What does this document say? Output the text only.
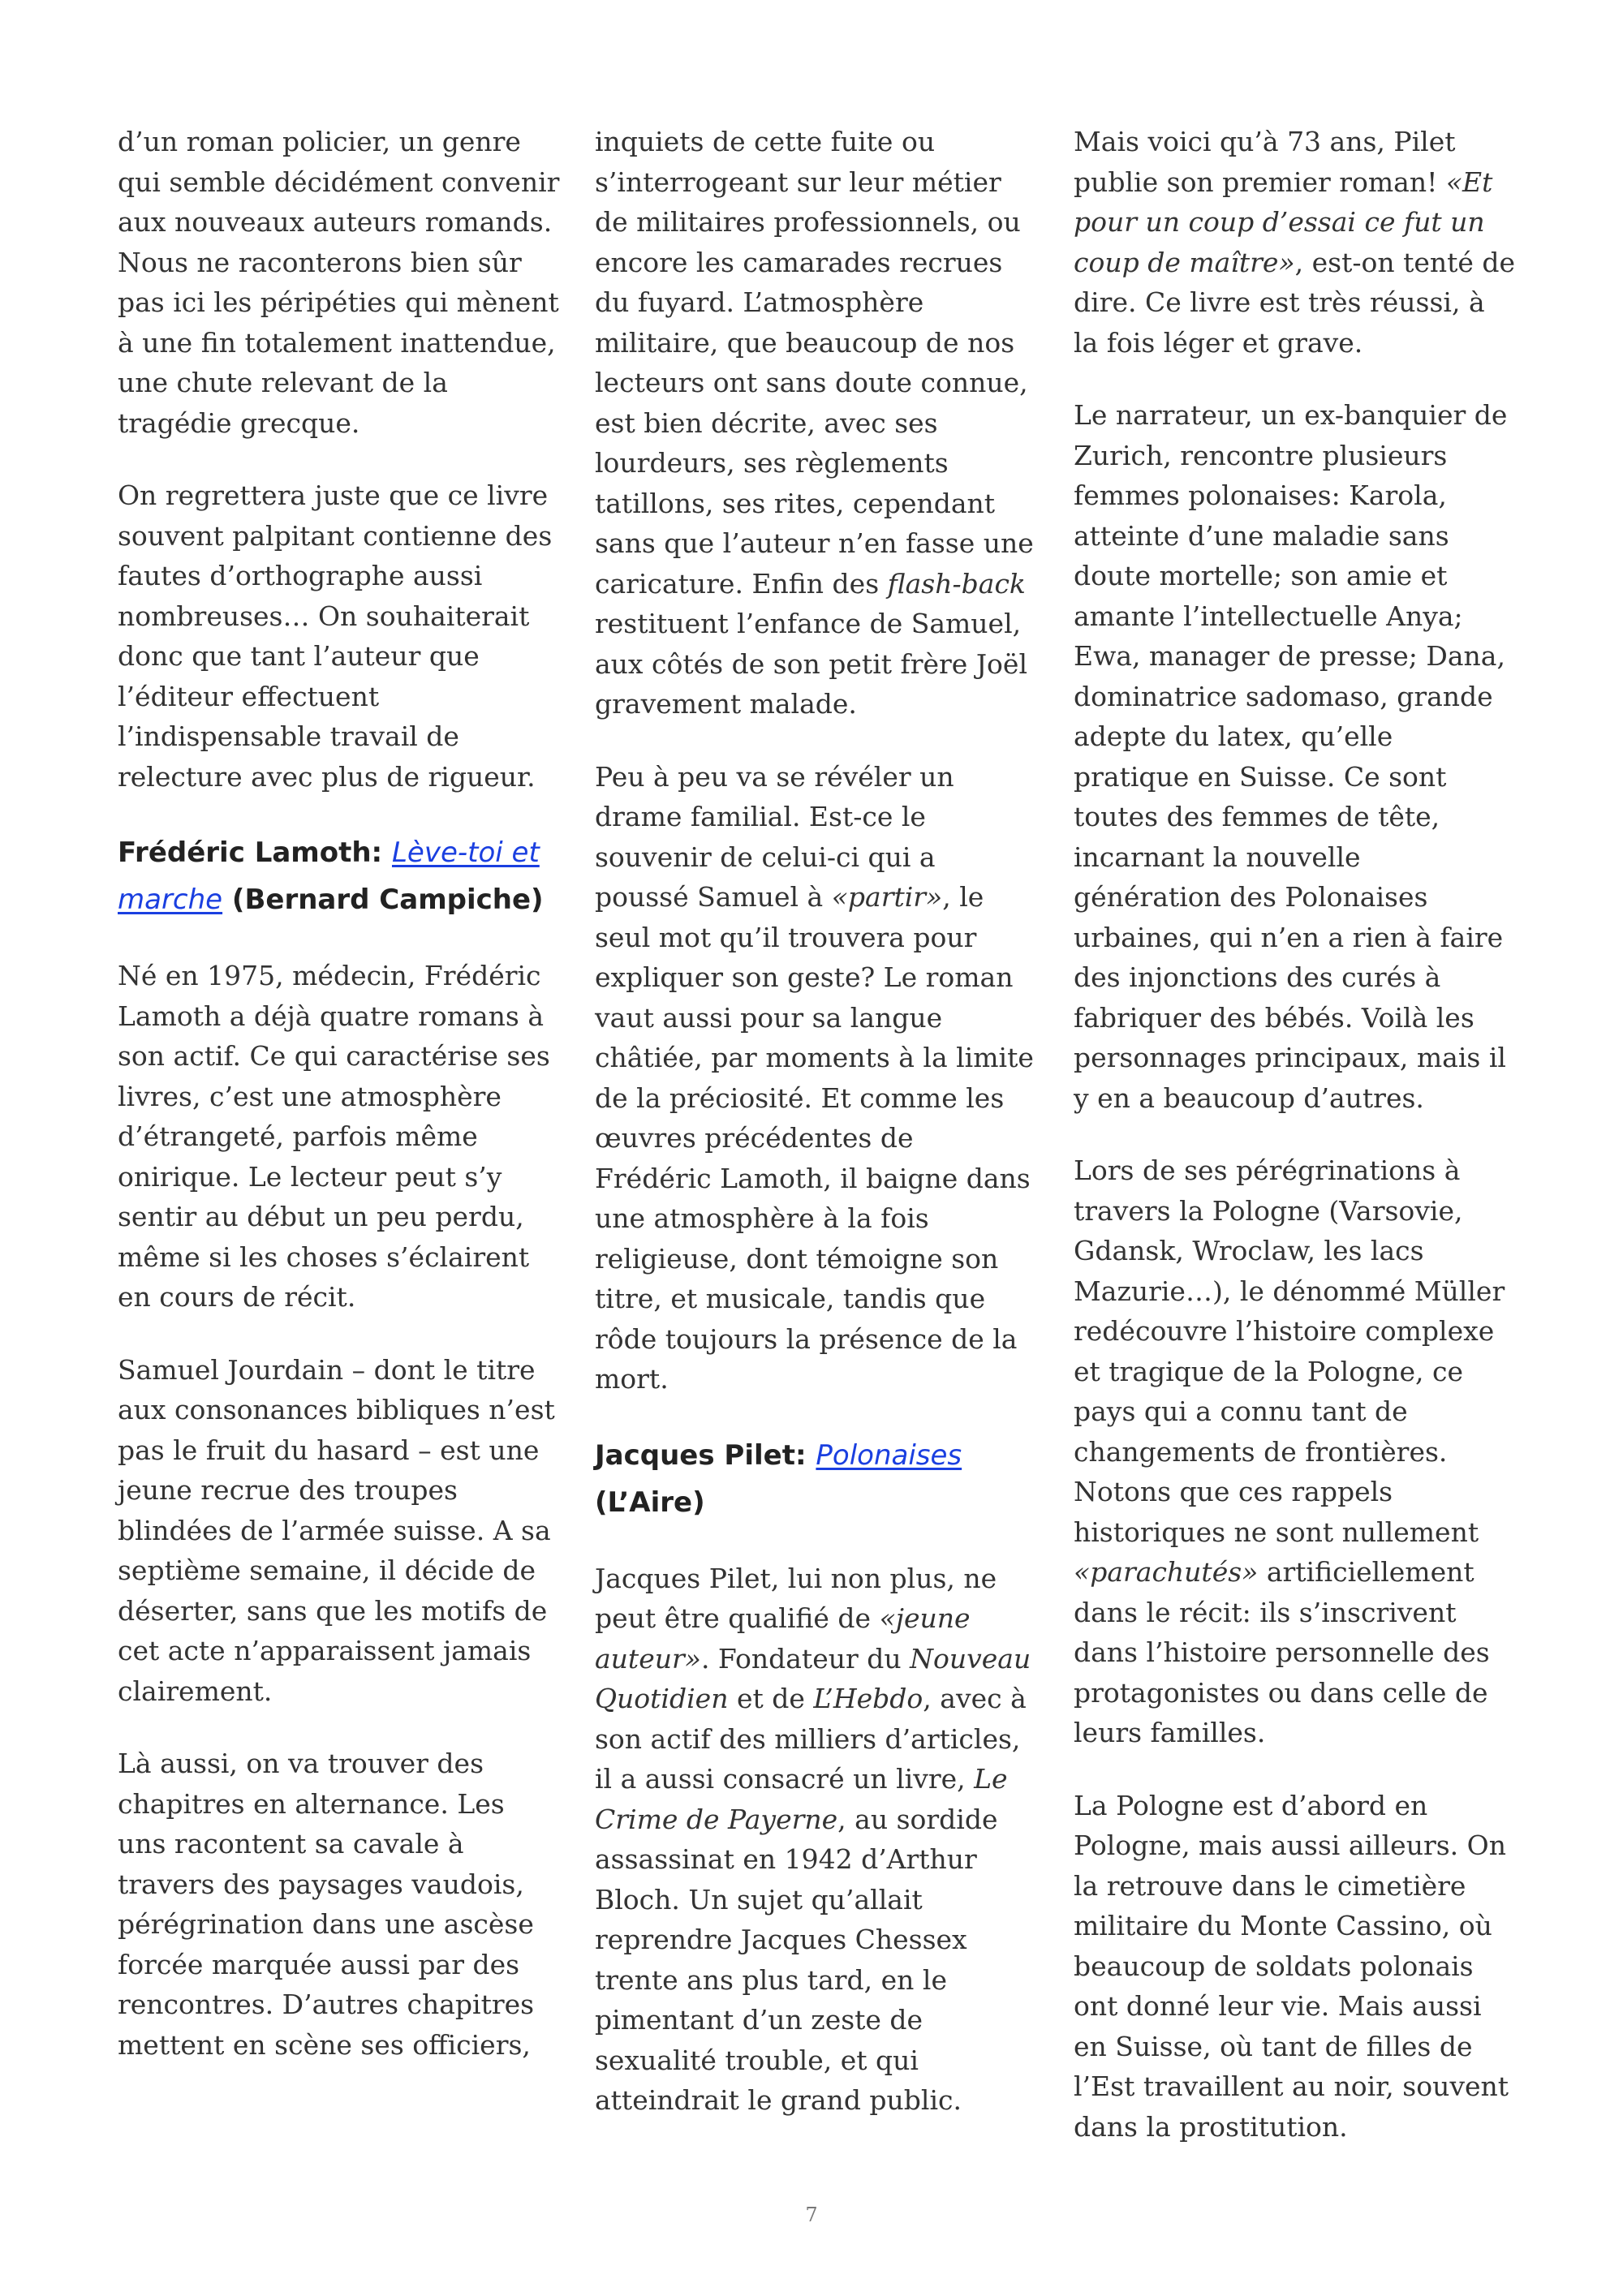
d’un roman policier, un genre qui semble décidément convenir aux nouveaux auteurs romands. Nous ne raconterons bien sûr pas ici les péripéties qui mènent à une fin totalement inattendue, une chute relevant de la tragédie grecque.

On regrettera juste que ce livre souvent palpitant contienne des fautes d’orthographe aussi nombreuses… On souhaiterait donc que tant l’auteur que l’éditeur effectuent l’indispensable travail de relecture avec plus de rigueur.

Frédéric Lamoth: Lève-toi et marche (Bernard Campiche)

Né en 1975, médecin, Frédéric Lamoth a déjà quatre romans à son actif. Ce qui caractérise ses livres, c’est une atmosphère d’étrangeté, parfois même onirique. Le lecteur peut s’y sentir au début un peu perdu, même si les choses s’éclairent en cours de récit.

Samuel Jourdain – dont le titre aux consonances bibliques n’est pas le fruit du hasard – est une jeune recrue des troupes blindées de l’armée suisse. A sa septième semaine, il décide de déserter, sans que les motifs de cet acte n’apparaissent jamais clairement.

Là aussi, on va trouver des chapitres en alternance. Les uns racontent sa cavale à travers des paysages vaudois, pérégrination dans une ascèse forcée marquée aussi par des rencontres. D’autres chapitres mettent en scène ses officiers,

inquiets de cette fuite ou s’interrogeant sur leur métier de militaires professionnels, ou encore les camarades recrues du fuyard. L’atmosphère militaire, que beaucoup de nos lecteurs ont sans doute connue, est bien décrite, avec ses lourdeurs, ses règlements tatillons, ses rites, cependant sans que l’auteur n’en fasse une caricature. Enfin des flash-back restituent l’enfance de Samuel, aux côtés de son petit frère Joël gravement malade.

Peu à peu va se révéler un drame familial. Est-ce le souvenir de celui-ci qui a poussé Samuel à «partir», le seul mot qu’il trouvera pour expliquer son geste? Le roman vaut aussi pour sa langue châtiée, par moments à la limite de la préciosité. Et comme les œuvres précédentes de Frédéric Lamoth, il baigne dans une atmosphère à la fois religieuse, dont témoigne son titre, et musicale, tandis que rôde toujours la présence de la mort.

Jacques Pilet: Polonaises (L’Aire)

Jacques Pilet, lui non plus, ne peut être qualifié de «jeune auteur». Fondateur du Nouveau Quotidien et de L’Hebdo, avec à son actif des milliers d’articles, il a aussi consacré un livre, Le Crime de Payerne, au sordide assassinat en 1942 d’Arthur Bloch. Un sujet qu’allait reprendre Jacques Chessex trente ans plus tard, en le pimentant d’un zeste de sexualité trouble, et qui atteindrait le grand public.

Mais voici qu’à 73 ans, Pilet publie son premier roman! «Et pour un coup d’essai ce fut un coup de maître», est-on tenté de dire. Ce livre est très réussi, à la fois léger et grave.

Le narrateur, un ex-banquier de Zurich, rencontre plusieurs femmes polonaises: Karola, atteinte d’une maladie sans doute mortelle; son amie et amante l’intellectuelle Anya; Ewa, manager de presse; Dana, dominatrice sadomaso, grande adepte du latex, qu’elle pratique en Suisse. Ce sont toutes des femmes de tête, incarnant la nouvelle génération des Polonaises urbaines, qui n’en a rien à faire des injonctions des curés à fabriquer des bébés. Voilà les personnages principaux, mais il y en a beaucoup d’autres.

Lors de ses pérégrinations à travers la Pologne (Varsovie, Gdansk, Wroclaw, les lacs Mazurie…), le dénommé Müller redécouvre l’histoire complexe et tragique de la Pologne, ce pays qui a connu tant de changements de frontières. Notons que ces rappels historiques ne sont nullement «parachutés» artificiellement dans le récit: ils s’inscrivent dans l’histoire personnelle des protagonistes ou dans celle de leurs familles.

La Pologne est d’abord en Pologne, mais aussi ailleurs. On la retrouve dans le cimetière militaire du Monte Cassino, où beaucoup de soldats polonais ont donné leur vie. Mais aussi en Suisse, où tant de filles de l’Est travaillent au noir, souvent dans la prostitution.

7
